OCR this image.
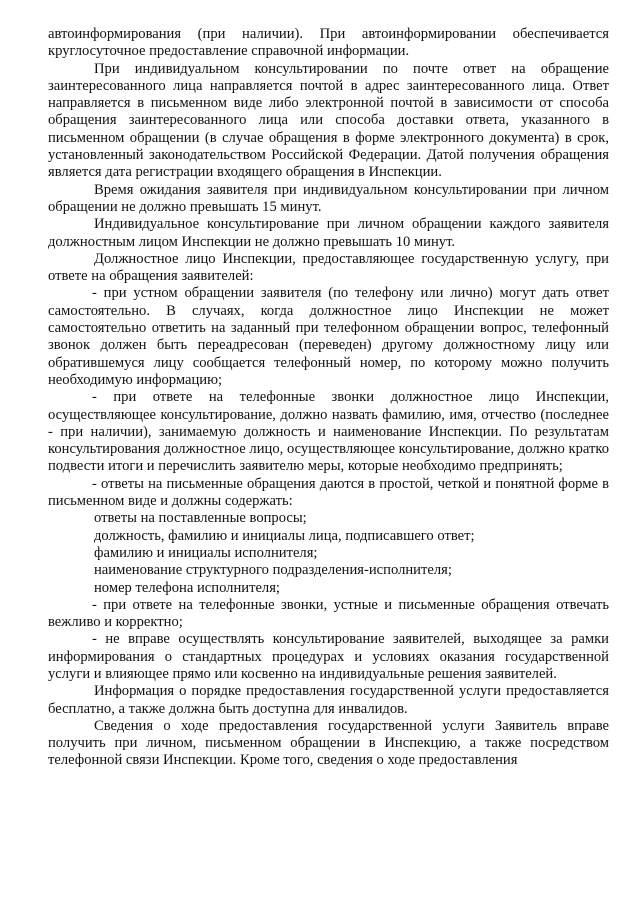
автоинформирования (при наличии). При автоинформировании обеспечивается круглосуточное предоставление справочной информации.

При индивидуальном консультировании по почте ответ на обращение заинтересованного лица направляется почтой в адрес заинтересованного лица. Ответ направляется в письменном виде либо электронной почтой в зависимости от способа обращения заинтересованного лица или способа доставки ответа, указанного в письменном обращении (в случае обращения в форме электронного документа) в срок, установленный законодательством Российской Федерации. Датой получения обращения является дата регистрации входящего обращения в Инспекции.

Время ожидания заявителя при индивидуальном консультировании при личном обращении не должно превышать 15 минут.

Индивидуальное консультирование при личном обращении каждого заявителя должностным лицом Инспекции не должно превышать 10 минут.

Должностное лицо Инспекции, предоставляющее государственную услугу, при ответе на обращения заявителей:

- при устном обращении заявителя (по телефону или лично) могут дать ответ самостоятельно. В случаях, когда должностное лицо Инспекции не может самостоятельно ответить на заданный при телефонном обращении вопрос, телефонный звонок должен быть переадресован (переведен) другому должностному лицу или обратившемуся лицу сообщается телефонный номер, по которому можно получить необходимую информацию;

- при ответе на телефонные звонки должностное лицо Инспекции, осуществляющее консультирование, должно назвать фамилию, имя, отчество (последнее - при наличии), занимаемую должность и наименование Инспекции. По результатам консультирования должностное лицо, осуществляющее консультирование, должно кратко подвести итоги и перечислить заявителю меры, которые необходимо предпринять;

- ответы на письменные обращения даются в простой, четкой и понятной форме в письменном виде и должны содержать:

ответы на поставленные вопросы;

должность, фамилию и инициалы лица, подписавшего ответ;

фамилию и инициалы исполнителя;

наименование структурного подразделения-исполнителя;

номер телефона исполнителя;

- при ответе на телефонные звонки, устные и письменные обращения отвечать вежливо и корректно;

- не вправе осуществлять консультирование заявителей, выходящее за рамки информирования о стандартных процедурах и условиях оказания государственной услуги и влияющее прямо или косвенно на индивидуальные решения заявителей.

Информация о порядке предоставления государственной услуги предоставляется бесплатно, а также должна быть доступна для инвалидов.

Сведения о ходе предоставления государственной услуги Заявитель вправе получить при личном, письменном обращении в Инспекцию, а также посредством телефонной связи Инспекции. Кроме того, сведения о ходе предоставления
